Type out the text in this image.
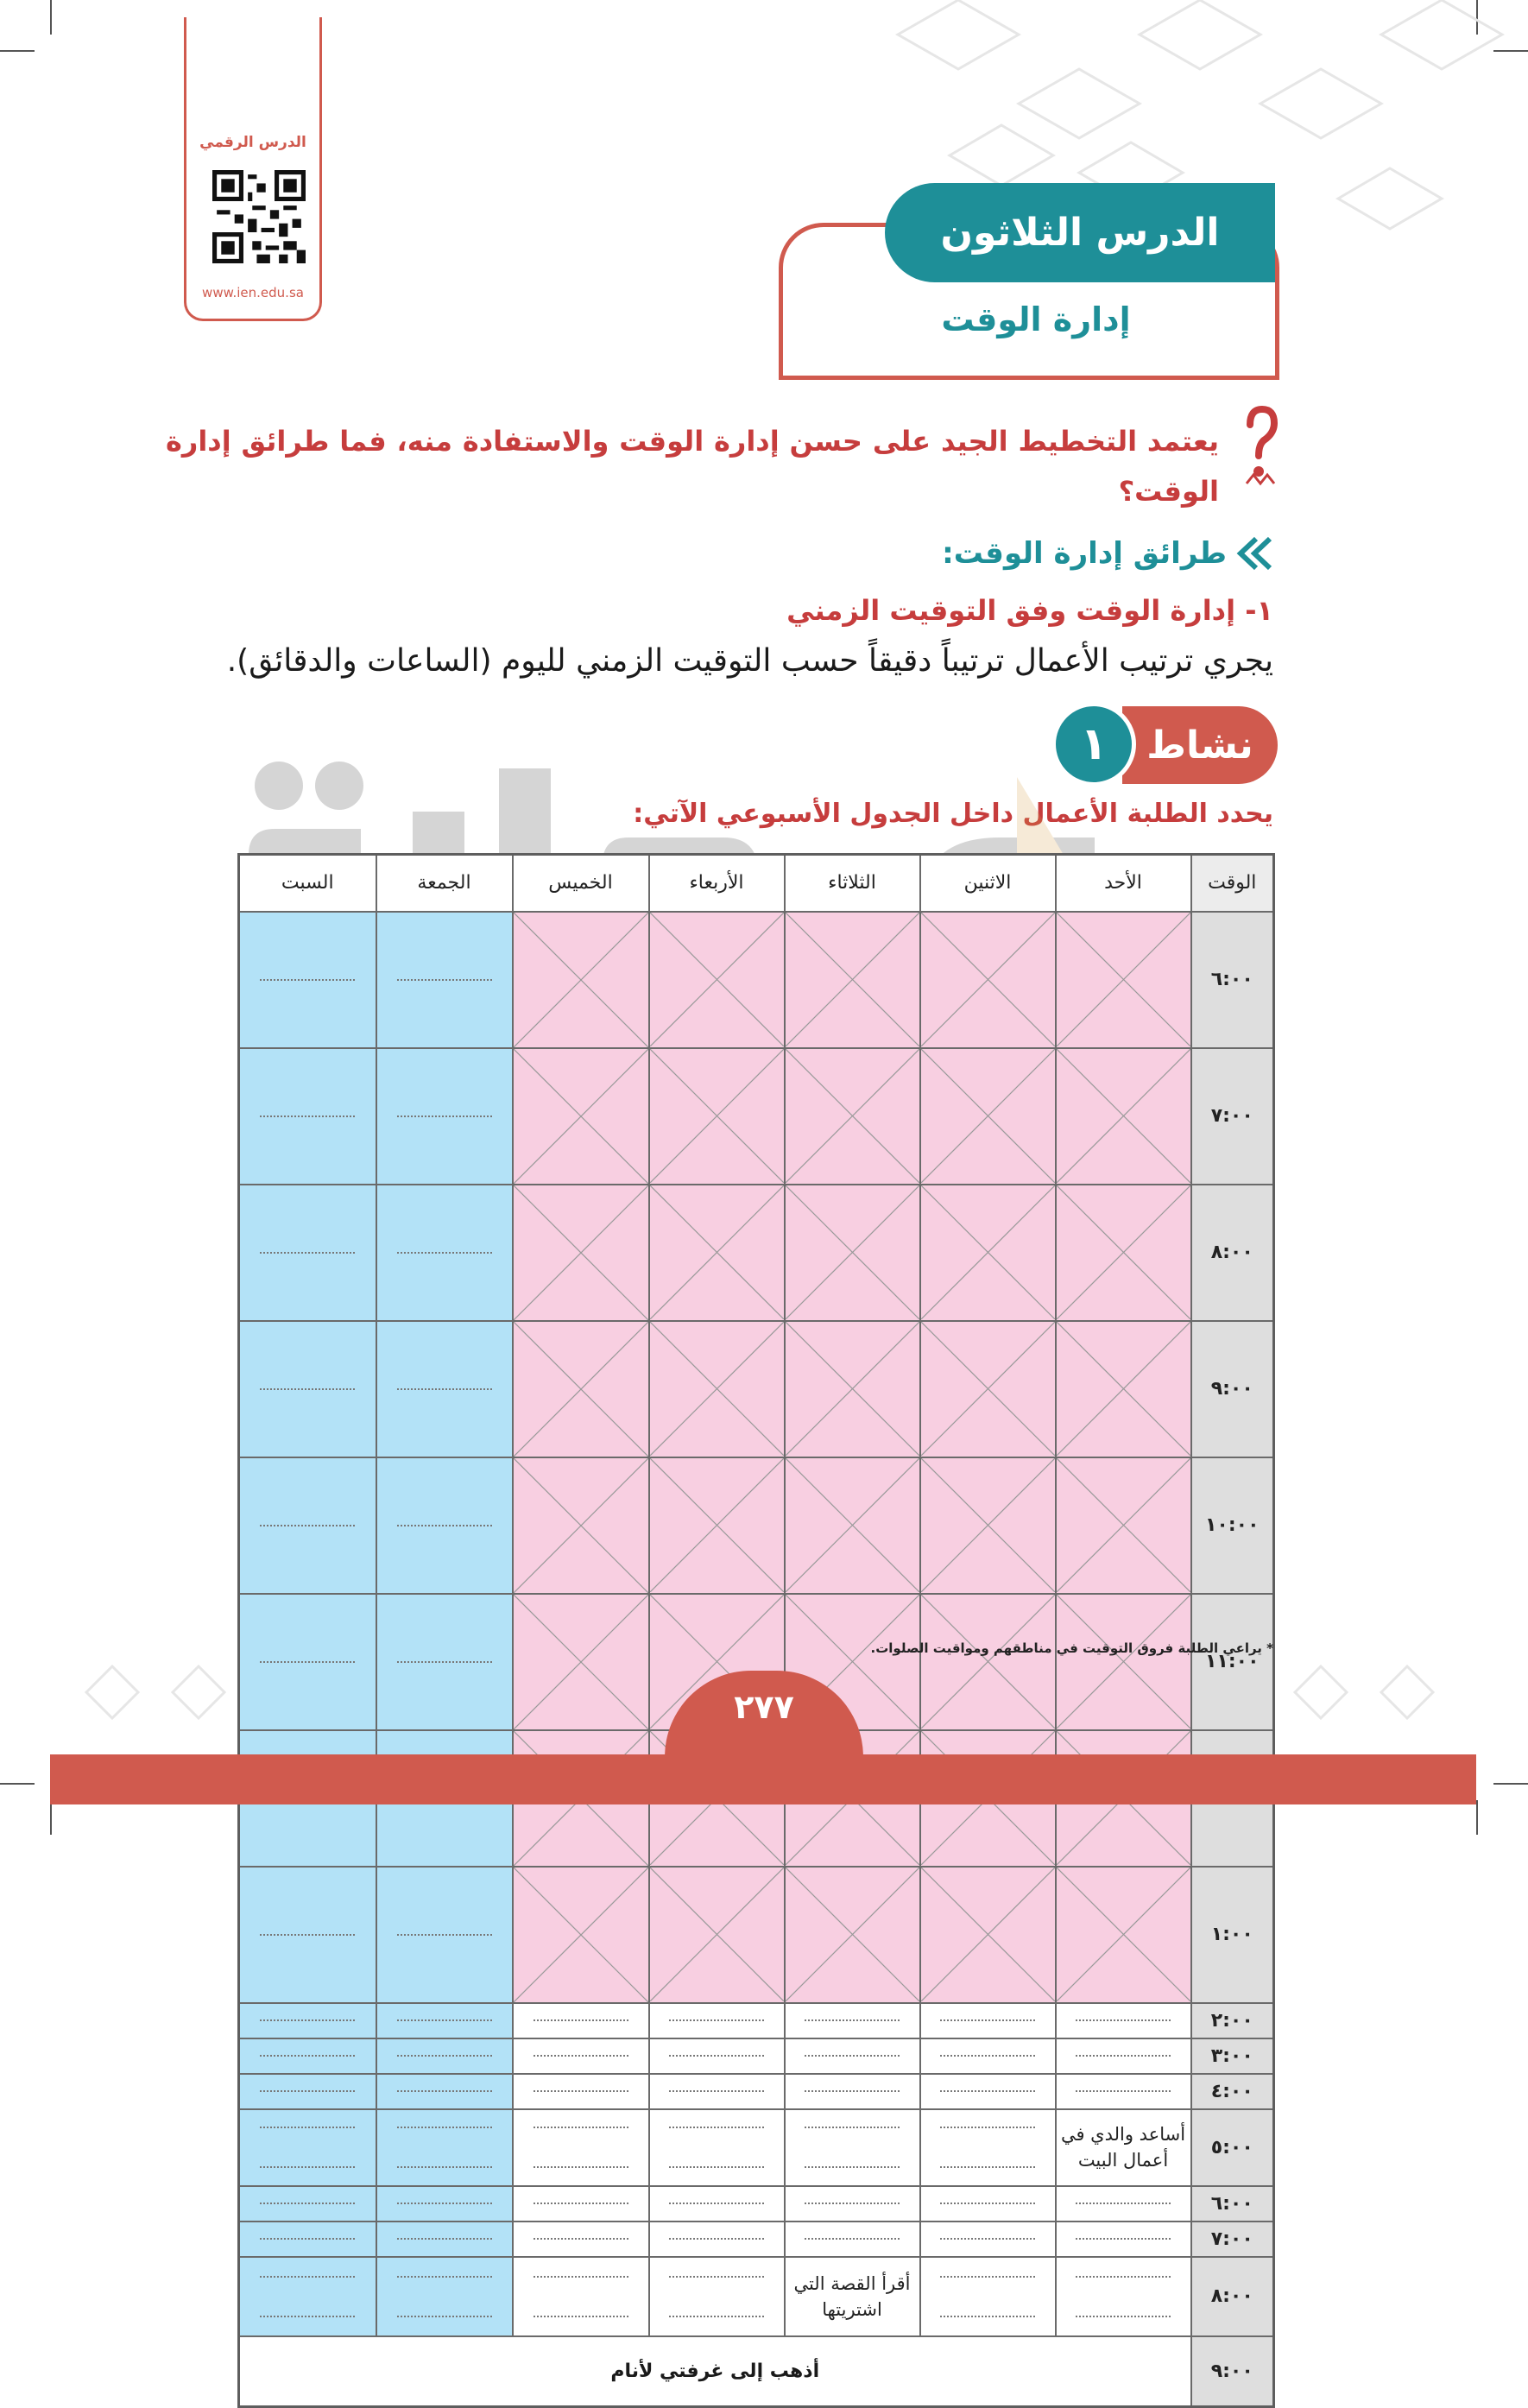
الدرس الرقمي
www.ien.edu.sa
الدرس الثلاثون
إدارة الوقت
يعتمد التخطيط الجيد على حسن إدارة الوقت والاستفادة منه، فما طرائق إدارة الوقت؟
طرائق إدارة الوقت:
١- إدارة الوقت وفق التوقيت الزمني
يجري ترتيب الأعمال ترتيباً دقيقاً حسب التوقيت الزمني لليوم (الساعات والدقائق).
نشاط
١
يحدد الطلبة الأعمال داخل الجدول الأسبوعي الآتي:
الوقت	الأحد	الاثنين	الثلاثاء	الأربعاء	الخميس	الجمعة	السبت
٦:٠٠	

٧:٠٠	

٨:٠٠	

٩:٠٠	

١٠:٠٠	

١١:٠٠	

١:٠٠	

٢:٠٠	

٣:٠٠	

٤:٠٠	

٥:٠٠	أساعد والدي في أعمال البيت	

٦:٠٠	

٧:٠٠	

٨:٠٠			أقرأ القصة التي اشتريتها	

٩:٠٠	أذهب إلى غرفتي لأنام						
* يراعي الطلبة فروق التوقيت في مناطقهم ومواقيت الصلوات.
٢٧٧
